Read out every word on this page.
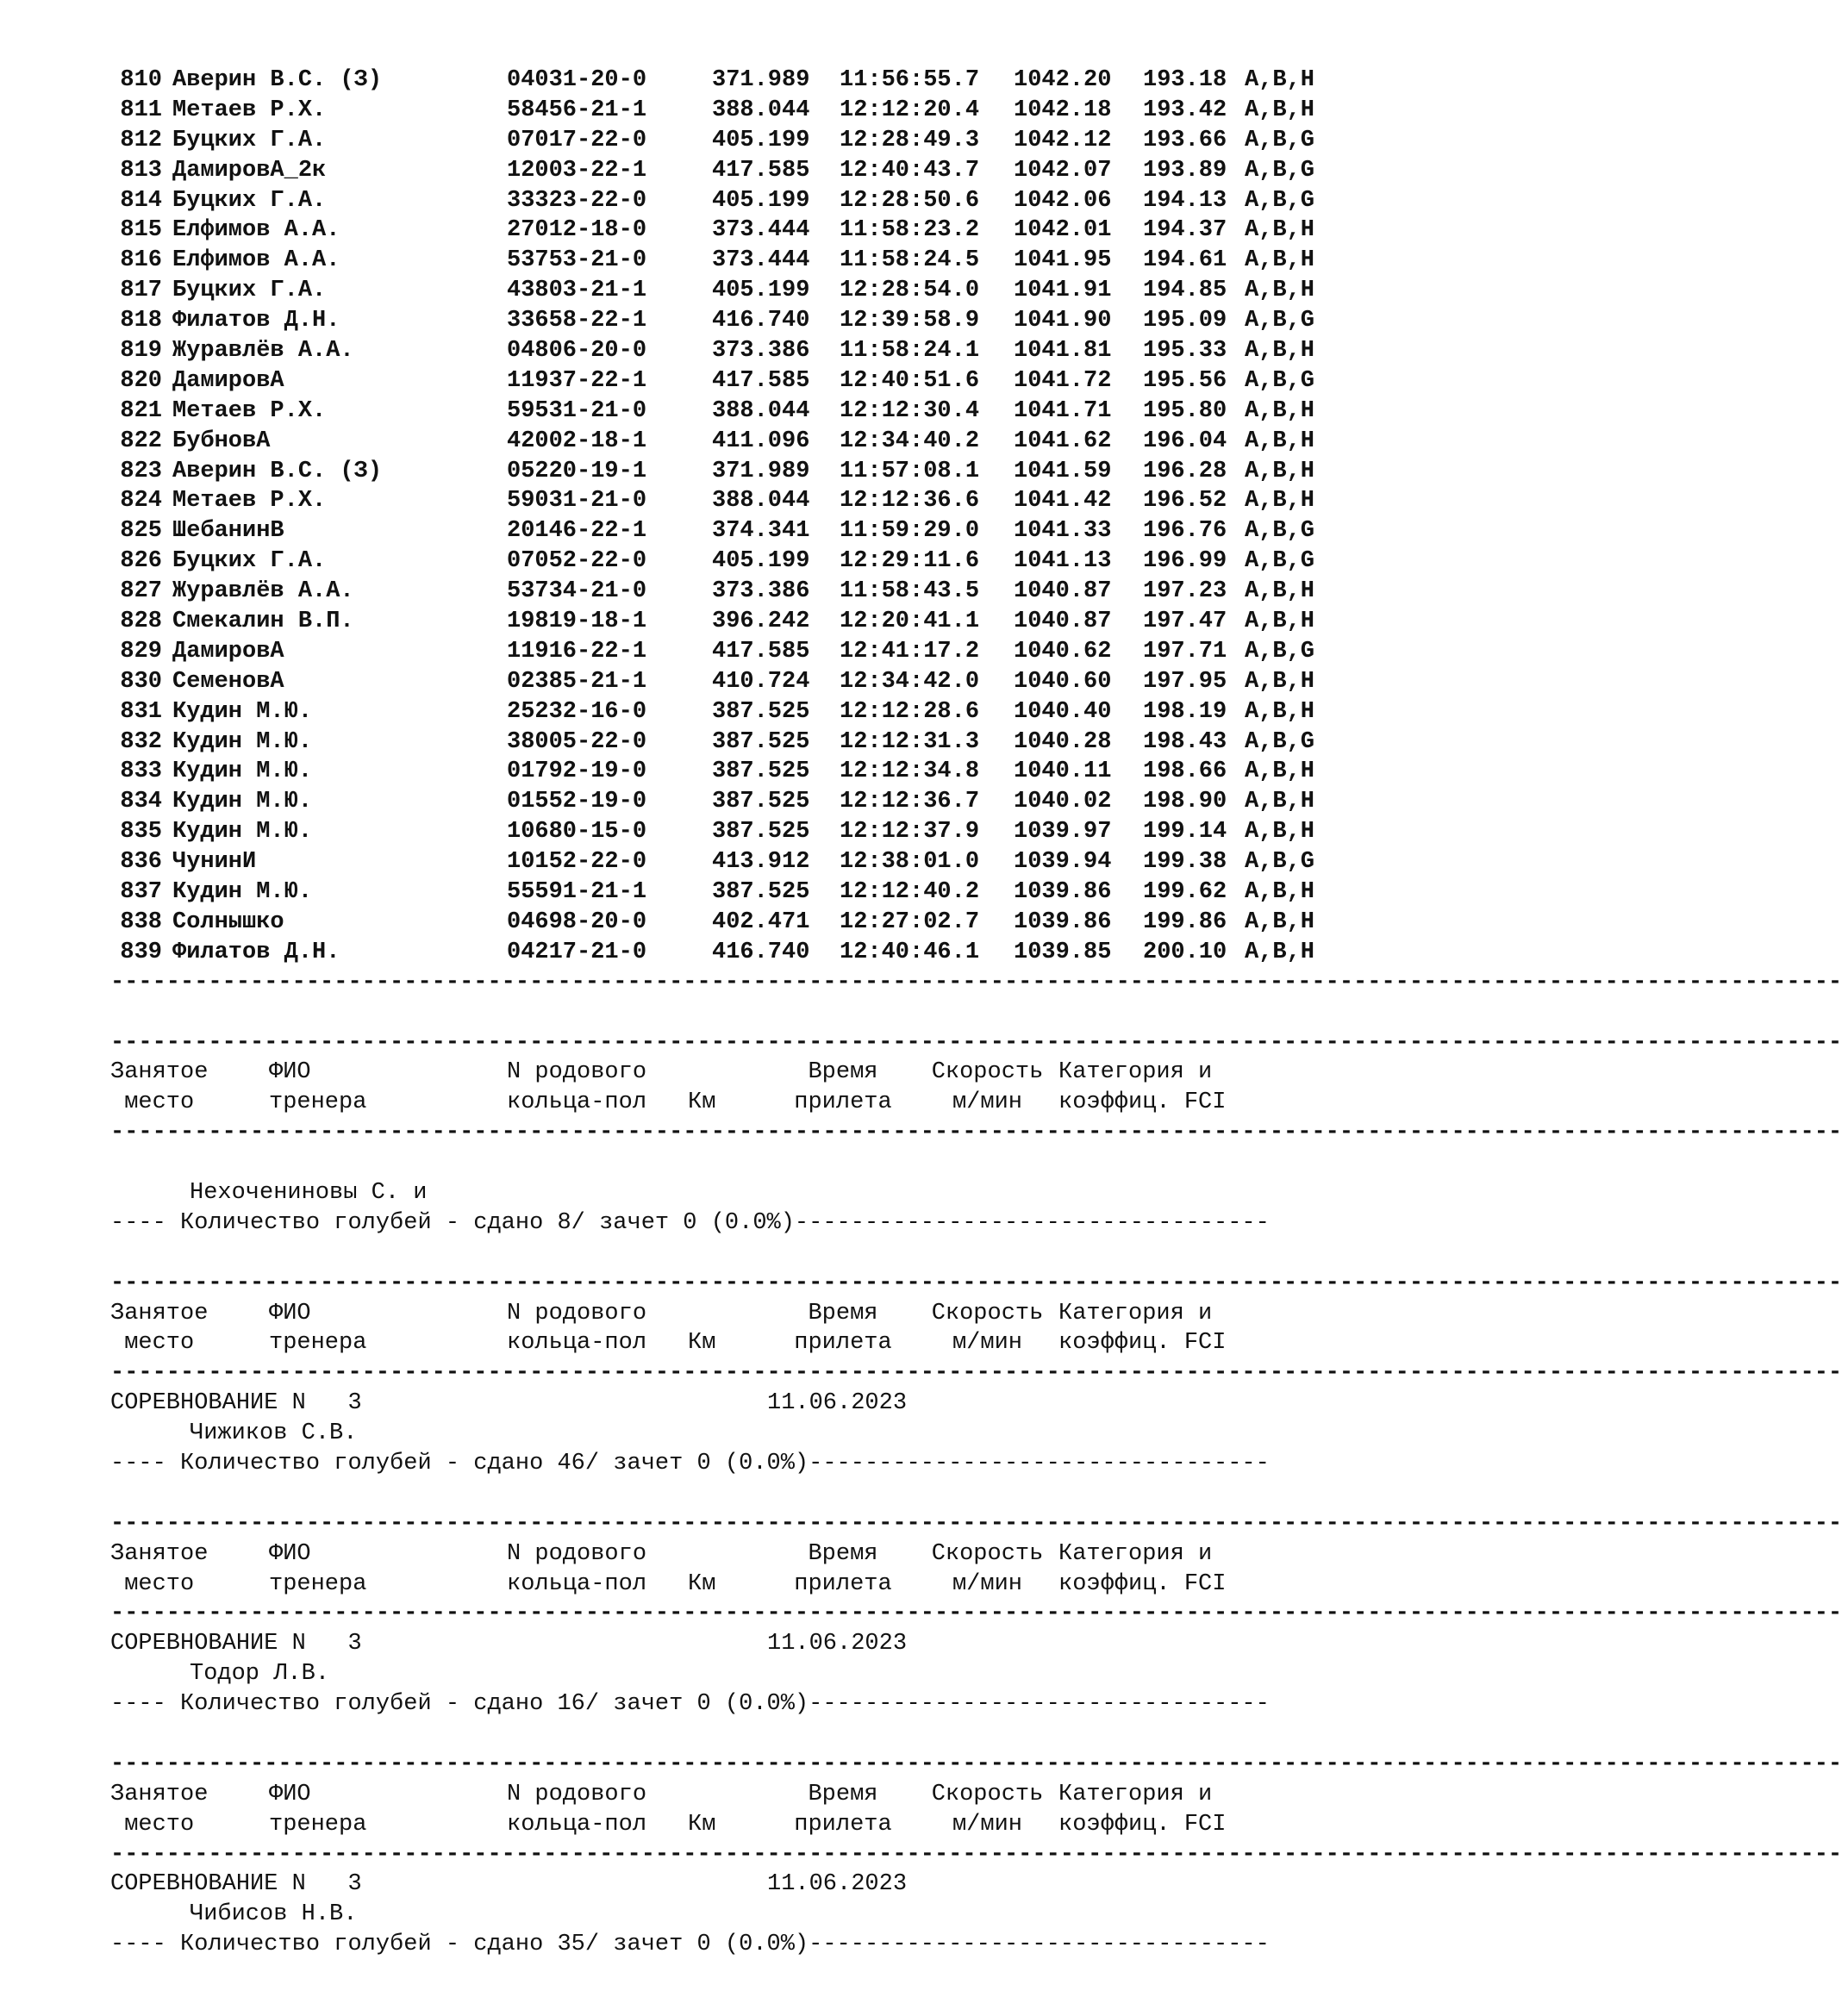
810 Аверин В.С. (З)	04031-20-0	371.989	11:56:55.7	1042.20	193.18 A,B,H
811 Метаев Р.Х.	58456-21-1	388.044	12:12:20.4	1042.18	193.42 A,B,H
812 Буцких Г.А.	07017-22-0	405.199	12:28:49.3	1042.12	193.66 A,B,G
813 ДамировА_2к	12003-22-1	417.585	12:40:43.7	1042.07	193.89 A,B,G
814 Буцких Г.А.	33323-22-0	405.199	12:28:50.6	1042.06	194.13 A,B,G
815 Елфимов А.А.	27012-18-0	373.444	11:58:23.2	1042.01	194.37 A,B,H
816 Елфимов А.А.	53753-21-0	373.444	11:58:24.5	1041.95	194.61 A,B,H
817 Буцких Г.А.	43803-21-1	405.199	12:28:54.0	1041.91	194.85 A,B,H
818 Филатов Д.Н.	33658-22-1	416.740	12:39:58.9	1041.90	195.09 A,B,G
819 Журавлёв А.А.	04806-20-0	373.386	11:58:24.1	1041.81	195.33 A,B,H
820 ДамировА	11937-22-1	417.585	12:40:51.6	1041.72	195.56 A,B,G
821 Метаев Р.Х.	59531-21-0	388.044	12:12:30.4	1041.71	195.80 A,B,H
822 БубновА	42002-18-1	411.096	12:34:40.2	1041.62	196.04 A,B,H
823 Аверин В.С. (З)	05220-19-1	371.989	11:57:08.1	1041.59	196.28 A,B,H
824 Метаев Р.Х.	59031-21-0	388.044	12:12:36.6	1041.42	196.52 A,B,H
825 ШебанинВ	20146-22-1	374.341	11:59:29.0	1041.33	196.76 A,B,G
826 Буцких Г.А.	07052-22-0	405.199	12:29:11.6	1041.13	196.99 A,B,G
827 Журавлёв А.А.	53734-21-0	373.386	11:58:43.5	1040.87	197.23 A,B,H
828 Смекалин В.П.	19819-18-1	396.242	12:20:41.1	1040.87	197.47 A,B,H
829 ДамировА	11916-22-1	417.585	12:41:17.2	1040.62	197.71 A,B,G
830 СеменовА	02385-21-1	410.724	12:34:42.0	1040.60	197.95 A,B,H
831 Кудин М.Ю.	25232-16-0	387.525	12:12:28.6	1040.40	198.19 A,B,H
832 Кудин М.Ю.	38005-22-0	387.525	12:12:31.3	1040.28	198.43 A,B,G
833 Кудин М.Ю.	01792-19-0	387.525	12:12:34.8	1040.11	198.66 A,B,H
834 Кудин М.Ю.	01552-19-0	387.525	12:12:36.7	1040.02	198.90 A,B,H
835 Кудин М.Ю.	10680-15-0	387.525	12:12:37.9	1039.97	199.14 A,B,H
836 ЧунинИ	10152-22-0	413.912	12:38:01.0	1039.94	199.38 A,B,G
837 Кудин М.Ю.	55591-21-1	387.525	12:12:40.2	1039.86	199.62 A,B,H
838 Солнышко	04698-20-0	402.471	12:27:02.7	1039.86	199.86 A,B,H
839 Филатов Д.Н.	04217-21-0	416.740	12:40:46.1	1039.85	200.10 A,B,H
----------------------------------------------------------------------------------------------------------------------------
----------------------------------------------------------------------------------------------------------------------------
Занятое	ФИО	N родового	Время Скорость Категория и
место	тренера	кольца-пол Км	прилета	м/мин коэффиц. FCI
----------------------------------------------------------------------------------------------------------------------------
Нехочениновы С. и
---- Количество голубей - сдано 8/ зачет 0 (0.0%)----------------------------------
----------------------------------------------------------------------------------------------------------------------------
Занятое	ФИО	N родового	Время Скорость Категория и
место	тренера	кольца-пол Км	прилета	м/мин коэффиц. FCI
----------------------------------------------------------------------------------------------------------------------------
СОРЕВНОВАНИЕ N   3	11.06.2023
Чижиков С.В.
---- Количество голубей - сдано 46/ зачет 0 (0.0%)---------------------------------
----------------------------------------------------------------------------------------------------------------------------
Занятое	ФИО	N родового	Время Скорость Категория и
место	тренера	кольца-пол Км	прилета	м/мин коэффиц. FCI
----------------------------------------------------------------------------------------------------------------------------
СОРЕВНОВАНИЕ N   3	11.06.2023
Тодор Л.В.
---- Количество голубей - сдано 16/ зачет 0 (0.0%)---------------------------------
----------------------------------------------------------------------------------------------------------------------------
Занятое	ФИО	N родового	Время Скорость Категория и
место	тренера	кольца-пол Км	прилета	м/мин коэффиц. FCI
----------------------------------------------------------------------------------------------------------------------------
СОРЕВНОВАНИЕ N   3	11.06.2023
Чибисов Н.В.
---- Количество голубей - сдано 35/ зачет 0 (0.0%)---------------------------------
